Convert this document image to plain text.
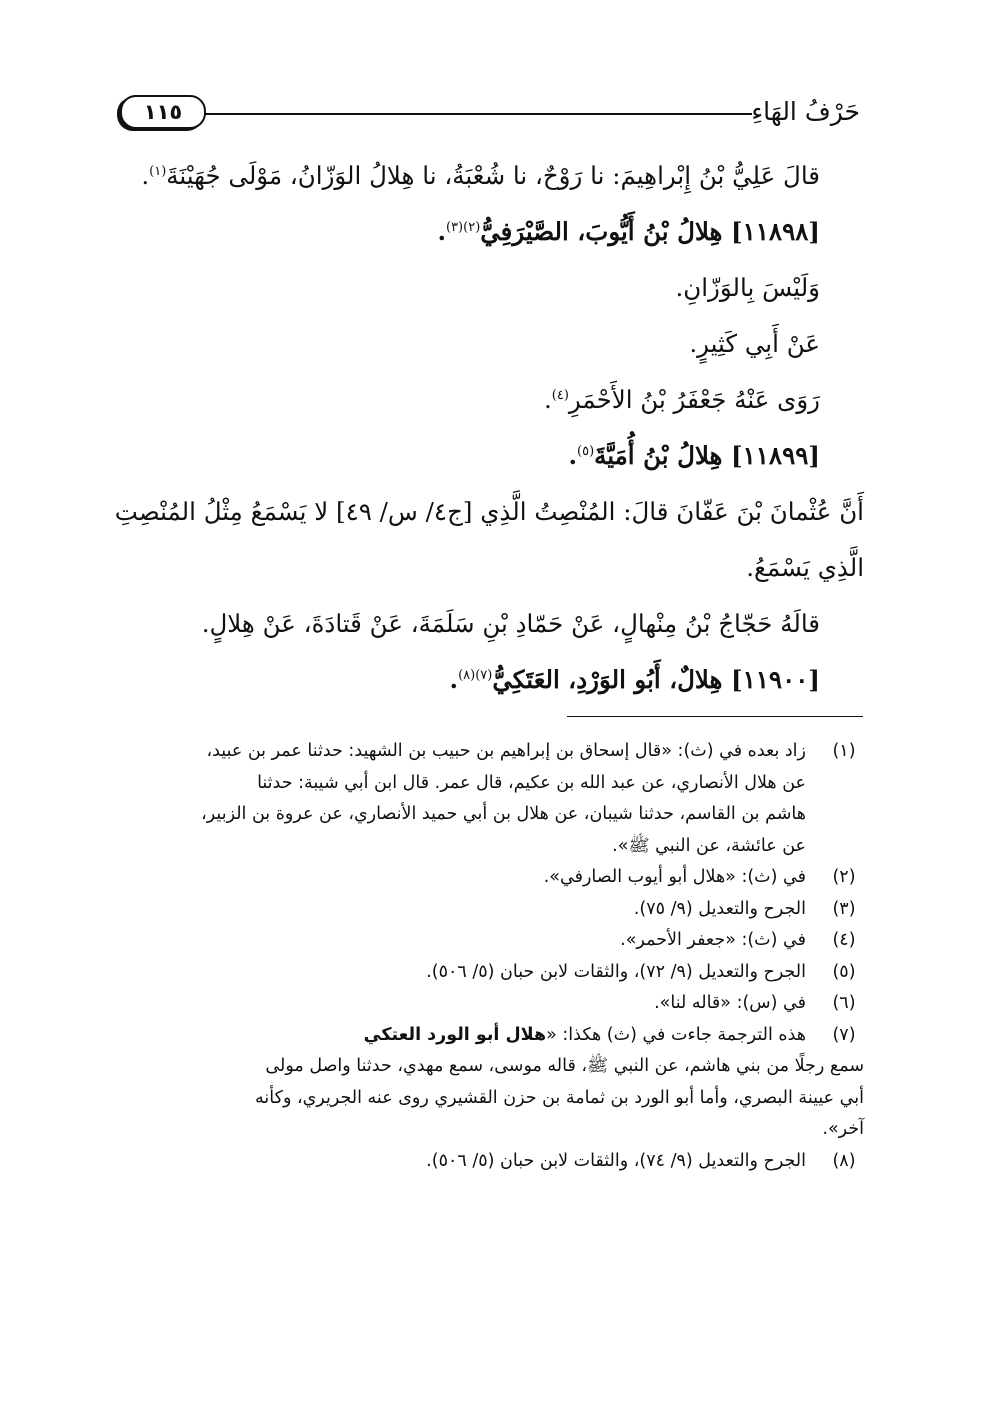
حَرْفُ الهَاءِ
١١٥
قالَ عَلِيُّ بْنُ إِبْراهِيمَ: نا رَوْحٌ، نا شُعْبَةُ، نا هِلالُ الوَزّانُ، مَوْلَى جُهَيْنَةَ$^{(١)}$.
[١١٨٩٨] هِلالُ بْنُ أَيُّوبَ، الصَّيْرَفِيُّ$^{(٢)(٣)}$.
وَلَيْسَ بِالوَزّانِ.
عَنْ أَبِي كَثِيرٍ.
رَوَى عَنْهُ جَعْفَرُ بْنُ الأَحْمَرِ$^{(٤)}$.
[١١٨٩٩] هِلالُ بْنُ أُمَيَّةَ$^{(٥)}$.
أَنَّ عُثْمانَ بْنَ عَفّانَ قالَ: المُنْصِتُ الَّذِي [ج٤/ س/ ٤٩] لا يَسْمَعُ مِثْلُ المُنْصِتِ
الَّذِي يَسْمَعُ.
قالَهُ حَجّاجُ بْنُ مِنْهالٍ، عَنْ حَمّادِ بْنِ سَلَمَةَ، عَنْ قَتادَةَ، عَنْ هِلالٍ.
[١١٩٠٠] هِلالٌ، أَبُو الوَرْدِ، العَتَكِيُّ$^{(٧)(٨)}$.
(١)
زاد بعده في (ث): «قال إسحاق بن إبراهيم بن حبيب بن الشهيد: حدثنا عمر بن عبيد،
عن هلال الأنصاري، عن عبد الله بن عكيم، قال عمر. قال ابن أبي شيبة: حدثنا
هاشم بن القاسم، حدثنا شيبان، عن هلال بن أبي حميد الأنصاري، عن عروة بن الزبير،
عن عائشة، عن النبي ﷺ».
(٢)
في (ث): «هلال أبو أيوب الصارفي».
(٣)
الجرح والتعديل (٩/ ٧٥).
(٤)
في (ث): «جعفر الأحمر».
(٥)
الجرح والتعديل (٩/ ٧٢)، والثقات لابن حبان (٥/ ٥٠٦).
(٦)
في (س): «قاله لنا».
(٧)
هذه الترجمة جاءت في (ث) هكذا: «هلال أبو الورد العتكي
سمع رجلًا من بني هاشم، عن النبي ﷺ، قاله موسى، سمع مهدي، حدثنا واصل مولى
أبي عيينة البصري، وأما أبو الورد بن ثمامة بن حزن القشيري روى عنه الجريري، وكأنه
آخر».
(٨)
الجرح والتعديل (٩/ ٧٤)، والثقات لابن حبان (٥/ ٥٠٦).
